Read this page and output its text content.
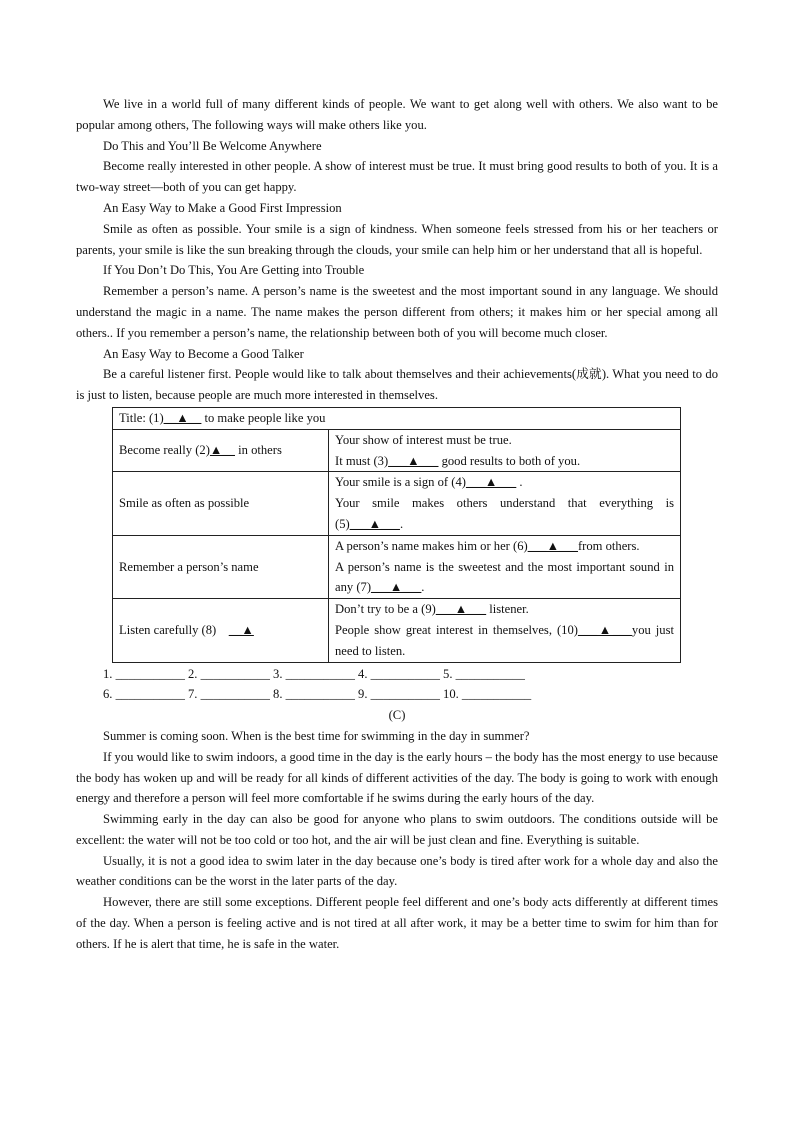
We live in a world full of many different kinds of people. We want to get along well with others. We also want to be popular among others, The following ways will make others like you.

Do This and You’ll Be Welcome Anywhere

Become really interested in other people. A show of interest must be true. It must bring good results to both of you. It is a two-way street—both of you can get happy.

An Easy Way to Make a Good First Impression

Smile as often as possible. Your smile is a sign of kindness. When someone feels stressed from his or her teachers or parents, your smile is like the sun breaking through the clouds, your smile can help him or her understand that all is hopeful.

If You Don’t Do This, You Are Getting into Trouble

Remember a person’s name. A person’s name is the sweetest and the most important sound in any language. We should understand the magic in a name. The name makes the person different from others; it makes him or her special among all others.. If you remember a person’s name, the relationship between both of you will become much closer.

An Easy Way to Become a Good Talker

Be a careful listener first. People would like to talk about themselves and their achievements(成就). What you need to do is just to listen, because people are much more interested in themselves.

Title: (1)__▲__ to make people like you	
Become really (2)▲__ in others	Your show of interest must be true.
It must (3)___▲___ good results to both of you.

Smile as often as possible	Your smile is a sign of (4)___▲___ .
Your smile makes others understand that everything is (5)___▲___.

Remember a person’s name	A person’s name makes him or her (6)___▲___from others.
A person’s name is the sweetest and the most important sound in any (7)___▲___.

Listen carefully (8) __▲	Don’t try to be a (9)___▲___ listener.
People show great interest in themselves, (10)___▲___you just need to listen.
1. ___________ 2. ___________ 3. ___________ 4. ___________ 5. ___________
6. ___________ 7. ___________ 8. ___________ 9. ___________ 10. ___________

(C)

Summer is coming soon. When is the best time for swimming in the day in summer?

If you would like to swim indoors, a good time in the day is the early hours – the body has the most energy to use because the body has woken up and will be ready for all kinds of different activities of the day. The body is going to work with enough energy and therefore a person will feel more comfortable if he swims during the early hours of the day.

Swimming early in the day can also be good for anyone who plans to swim outdoors. The conditions outside will be excellent: the water will not be too cold or too hot, and the air will be just clean and fine. Everything is suitable.

Usually, it is not a good idea to swim later in the day because one’s body is tired after work for a whole day and also the weather conditions can be the worst in the later parts of the day.

However, there are still some exceptions. Different people feel different and one’s body acts differently at different times of the day. When a person is feeling active and is not tired at all after work, it may be a better time to swim for him than for others. If he is alert that time, he is safe in the water.
